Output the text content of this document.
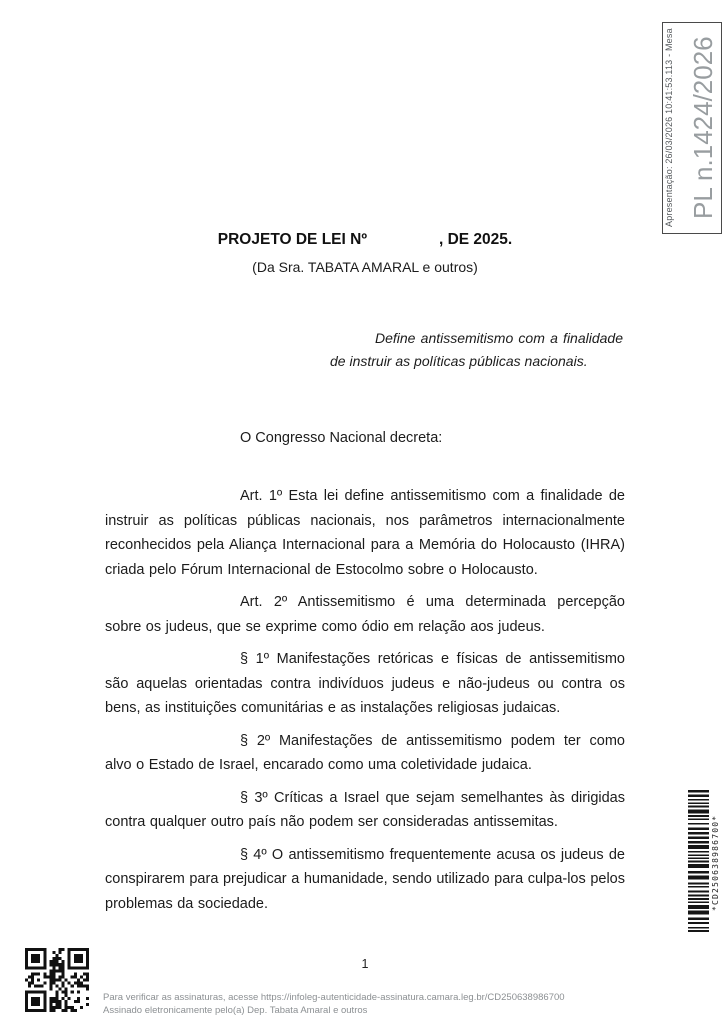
Apresentação: 26/03/2026 10:41:53.113 - Mesa PL n.1424/2026
PROJETO DE LEI Nº	, DE 2025.
(Da Sra. TABATA AMARAL e outros)
Define antissemitismo com a finalidade de instruir as políticas públicas nacionais.
O Congresso Nacional decreta:

Art. 1º Esta lei define antissemitismo com a finalidade de instruir as políticas públicas nacionais, nos parâmetros internacionalmente reconhecidos pela Aliança Internacional para a Memória do Holocausto (IHRA) criada pelo Fórum Internacional de Estocolmo sobre o Holocausto.

Art. 2º Antissemitismo é uma determinada percepção sobre os judeus, que se exprime como ódio em relação aos judeus.

§ 1º Manifestações retóricas e físicas de antissemitismo são aquelas orientadas contra indivíduos judeus e não-judeus ou contra os bens, as instituições comunitárias e as instalações religiosas judaicas.

§ 2º Manifestações de antissemitismo podem ter como alvo o Estado de Israel, encarado como uma coletividade judaica.

§ 3º Críticas a Israel que sejam semelhantes às dirigidas contra qualquer outro país não podem ser consideradas antissemitas.

§ 4º O antissemitismo frequentemente acusa os judeus de conspirarem para prejudicar a humanidade, sendo utilizado para culpa-los pelos problemas da sociedade.

1
Para verificar as assinaturas, acesse https://infoleg-autenticidade-assinatura.camara.leg.br/CD250638986700
Assinado eletronicamente pelo(a) Dep. Tabata Amaral e outros
*CD250638986700*
